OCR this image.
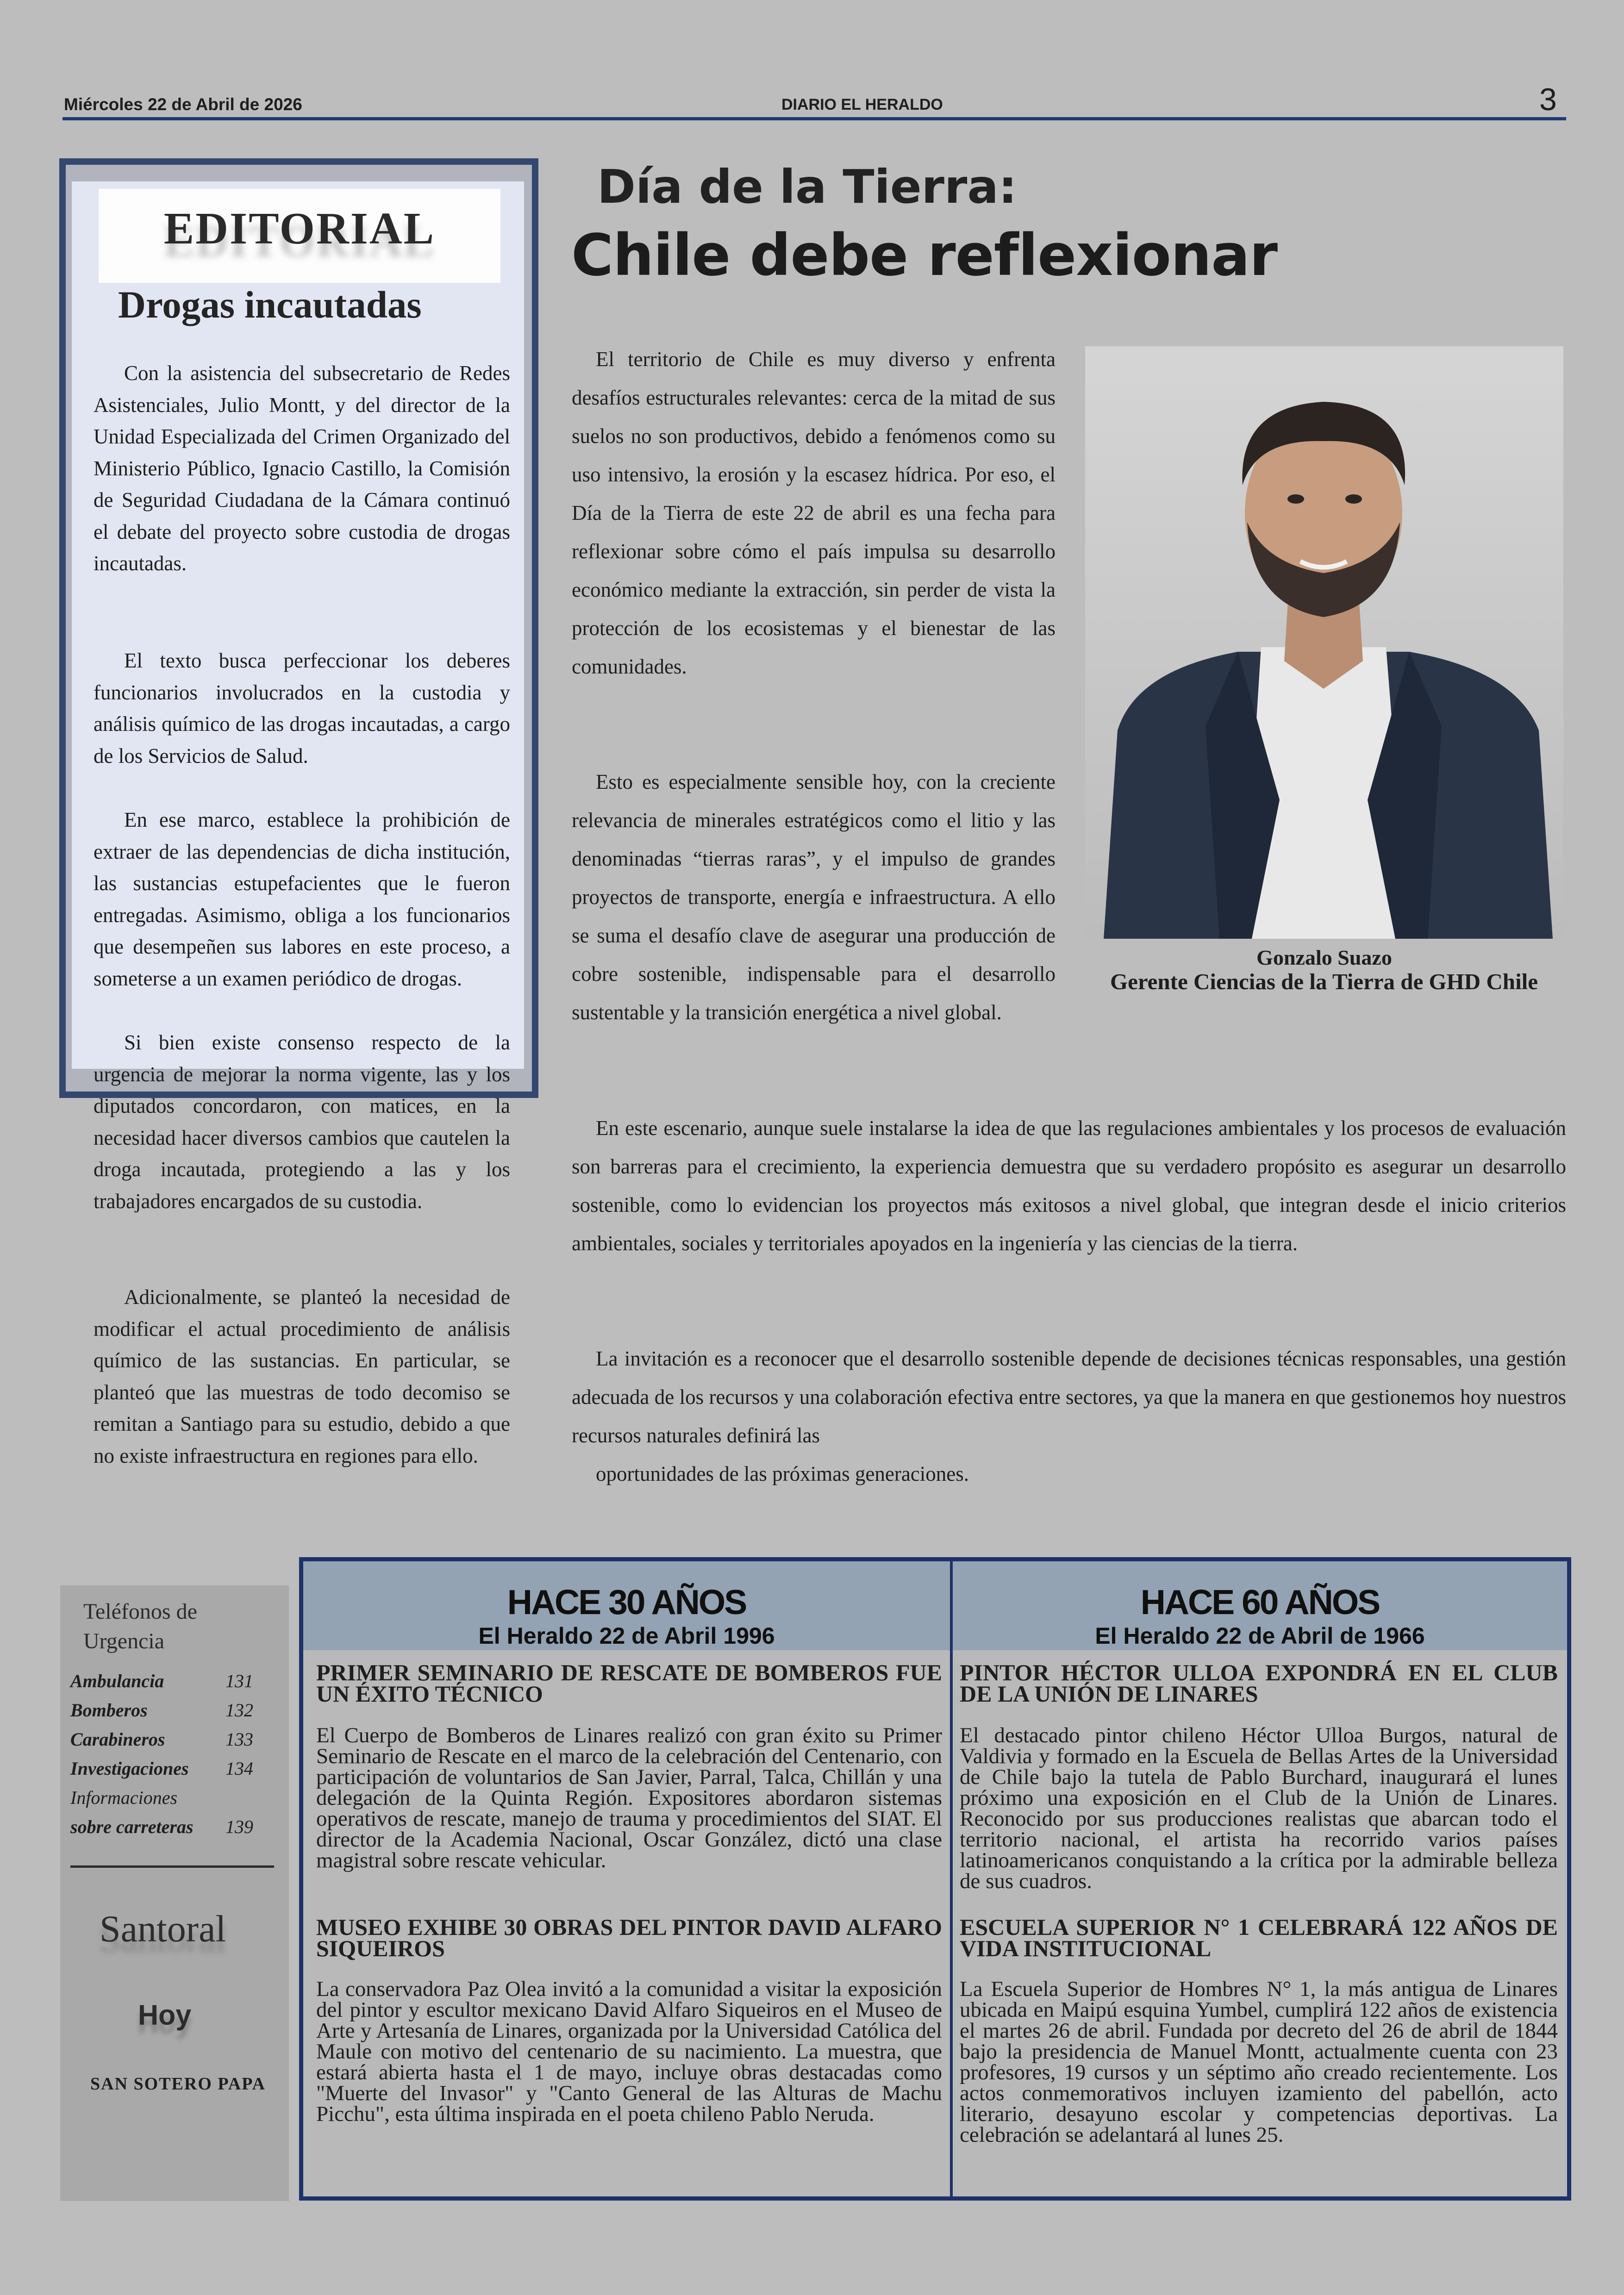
Miércoles 22 de Abril de 2026	DIARIO EL HERALDO	3
EDITORIAL
Drogas incautadas
Con la asistencia del subsecretario de Redes Asistenciales, Julio Montt, y del director de la Unidad Especializada del Crimen Organizado del Ministerio Público, Ignacio Castillo, la Comisión de Seguridad Ciudadana de la Cámara continuó el debate del proyecto sobre custodia de drogas incautadas.
El texto busca perfeccionar los deberes funcionarios involucrados en la custodia y análisis químico de las drogas incautadas, a cargo de los Servicios de Salud.
En ese marco, establece la prohibición de extraer de las dependencias de dicha institución, las sustancias estupefacientes que le fueron entregadas. Asimismo, obliga a los funcionarios que desempeñen sus labores en este proceso, a someterse a un examen periódico de drogas.
Si bien existe consenso respecto de la urgencia de mejorar la norma vigente, las y los diputados concordaron, con matices, en la necesidad hacer diversos cambios que cautelen la droga incautada, protegiendo a las y los trabajadores encargados de su custodia.
Adicionalmente, se planteó la necesidad de modificar el actual procedimiento de análisis químico de las sustancias. En particular, se planteó que las muestras de todo decomiso se remitan a Santiago para su estudio, debido a que no existe infraestructura en regiones para ello.
Día de la Tierra:
Chile debe reflexionar
El territorio de Chile es muy diverso y enfrenta desafíos estructurales relevantes: cerca de la mitad de sus suelos no son productivos, debido a fenómenos como su uso intensivo, la erosión y la escasez hídrica. Por eso, el Día de la Tierra de este 22 de abril es una fecha para reflexionar sobre cómo el país impulsa su desarrollo económico mediante la extracción, sin perder de vista la protección de los ecosistemas y el bienestar de las comunidades.
Esto es especialmente sensible hoy, con la creciente relevancia de minerales estratégicos como el litio y las denominadas “tierras raras”, y el impulso de grandes proyectos de transporte, energía e infraestructura. A ello se suma el desafío clave de asegurar una producción de cobre sostenible, indispensable para el desarrollo sustentable y la transición energética a nivel global.
En este escenario, aunque suele instalarse la idea de que las regulaciones ambientales y los procesos de evaluación son barreras para el crecimiento, la experiencia demuestra que su verdadero propósito es asegurar un desarrollo sostenible, como lo evidencian los proyectos más exitosos a nivel global, que integran desde el inicio criterios ambientales, sociales y territoriales apoyados en la ingeniería y las ciencias de la tierra.
La invitación es a reconocer que el desarrollo sostenible depende de decisiones técnicas responsables, una gestión adecuada de los recursos y una colaboración efectiva entre sectores, ya que la manera en que gestionemos hoy nuestros recursos naturales definirá las
oportunidades de las próximas generaciones.
Gonzalo Suazo
Gerente Ciencias de la Tierra de GHD Chile
Teléfonos de Urgencia
Ambulancia	131
Bomberos	132
Carabineros	133
Investigaciones 134
Informaciones
sobre carreteras 139
Santoral
Hoy
SAN SOTERO PAPA
HACE 30 AÑOS
El Heraldo 22 de Abril 1996
HACE 60 AÑOS
El Heraldo 22 de Abril de 1966
PRIMER SEMINARIO DE RESCATE DE BOMBEROS FUE UN ÉXITO TÉCNICO
El Cuerpo de Bomberos de Linares realizó con gran éxito su Primer Seminario de Rescate en el marco de la celebración del Centenario, con participación de voluntarios de San Javier, Parral, Talca, Chillán y una delegación de la Quinta Región. Expositores abordaron sistemas operativos de rescate, manejo de trauma y procedimientos del SIAT. El director de la Academia Nacional, Oscar González, dictó una clase magistral sobre rescate vehicular.
MUSEO EXHIBE 30 OBRAS DEL PINTOR DAVID ALFARO SIQUEIROS
La conservadora Paz Olea invitó a la comunidad a visitar la exposición del pintor y escultor mexicano David Alfaro Siqueiros en el Museo de Arte y Artesanía de Linares, organizada por la Universidad Católica del Maule con motivo del centenario de su nacimiento. La muestra, que estará abierta hasta el 1 de mayo, incluye obras destacadas como "Muerte del Invasor" y "Canto General de las Alturas de Machu Picchu", esta última inspirada en el poeta chileno Pablo Neruda.
PINTOR HÉCTOR ULLOA EXPONDRÁ EN EL CLUB DE LA UNIÓN DE LINARES
El destacado pintor chileno Héctor Ulloa Burgos, natural de Valdivia y formado en la Escuela de Bellas Artes de la Universidad de Chile bajo la tutela de Pablo Burchard, inaugurará el lunes próximo una exposición en el Club de la Unión de Linares. Reconocido por sus producciones realistas que abarcan todo el territorio nacional, el artista ha recorrido varios países latinoamericanos conquistando a la crítica por la admirable belleza de sus cuadros.
ESCUELA SUPERIOR N° 1 CELEBRARÁ 122 AÑOS DE VIDA INSTITUCIONAL
La Escuela Superior de Hombres N° 1, la más antigua de Linares ubicada en Maipú esquina Yumbel, cumplirá 122 años de existencia el martes 26 de abril. Fundada por decreto del 26 de abril de 1844 bajo la presidencia de Manuel Montt, actualmente cuenta con 23 profesores, 19 cursos y un séptimo año creado recientemente. Los actos conmemorativos incluyen izamiento del pabellón, acto literario, desayuno escolar y competencias deportivas. La celebración se adelantará al lunes 25.
